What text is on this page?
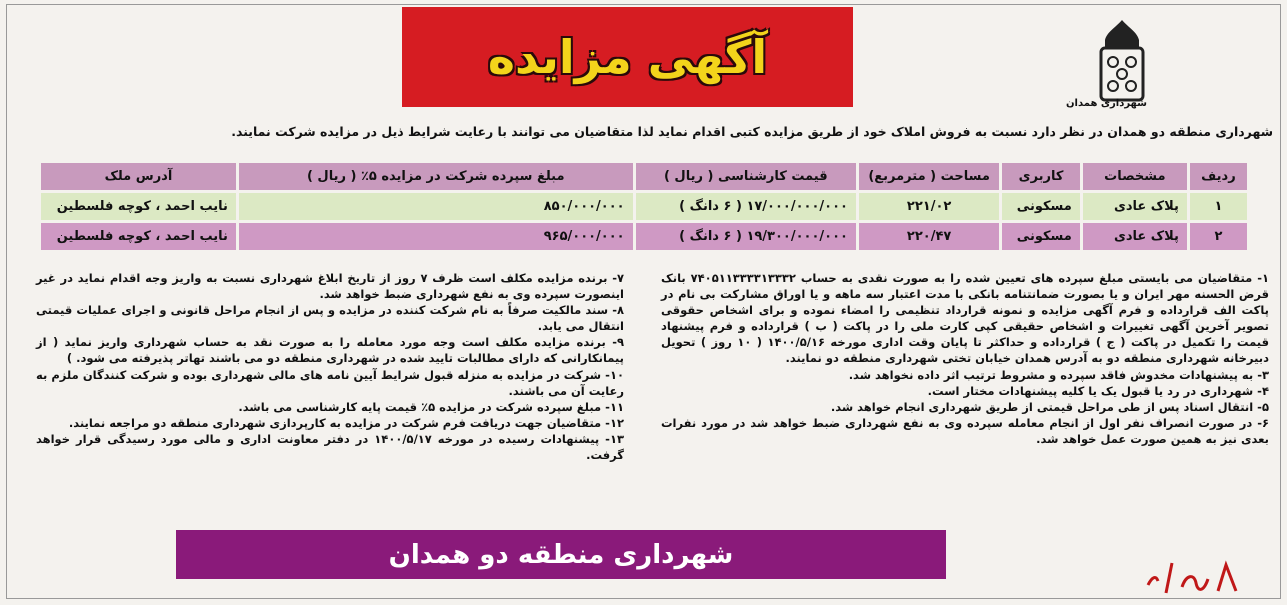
شهرداری همدان
آگهی مزایده
شهرداری منطقه دو همدان در نظر دارد نسبت به فروش املاک خود از طریق مزایده کتبی اقدام نماید لذا متقاضیان می توانند با رعایت شرایط ذیل در مزایده شرکت نمایند.
ردیف	مشخصات	کاربری	مساحت ( مترمربع)	قیمت کارشناسی ( ریال )	مبلغ سپرده شرکت در مزایده ۵٪ ( ریال )	آدرس ملک
۱	پلاک عادی	مسکونی	۲۲۱/۰۲	۱۷/۰۰۰/۰۰۰/۰۰۰ ( ۶ دانگ )	۸۵۰/۰۰۰/۰۰۰	نایب احمد ، کوچه فلسطین
۲	پلاک عادی	مسکونی	۲۲۰/۴۷	۱۹/۳۰۰/۰۰۰/۰۰۰ ( ۶ دانگ )	۹۶۵/۰۰۰/۰۰۰	نایب احمد ، کوچه فلسطین

۱- متقاضیان می بایستی مبلغ سپرده های تعیین شده را به صورت نقدی به حساب ۷۴۰۵۱۱۳۳۳۳۱۳۳۳۲ بانک قرض الحسنه مهر ایران و یا بصورت ضمانتنامه بانکی با مدت اعتبار سه ماهه و یا اوراق مشارکت بی نام در پاکت الف قرارداده و فرم آگهی مزایده و نمونه قرارداد تنظیمی را امضاء نموده و برای اشخاص حقوقی تصویر آخرین آگهی تغییرات و اشخاص حقیقی کپی کارت ملی را در پاکت ( ب ) قرارداده و فرم پیشنهاد قیمت را تکمیل در پاکت ( ج ) قرارداده و حداکثر تا پایان وقت اداری مورخه ۱۴۰۰/۵/۱۶ ( ۱۰ روز ) تحویل دبیرخانه شهرداری منطقه دو به آدرس همدان خیابان تختی شهرداری منطقه دو نمایند.

۳- به پیشنهادات مخدوش فاقد سپرده و مشروط ترتیب اثر داده نخواهد شد.

۴- شهرداری در رد یا قبول یک یا کلیه پیشنهادات مختار است.

۵- انتقال اسناد پس از طی مراحل قیمتی از طریق شهرداری انجام خواهد شد.

۶- در صورت انصراف نفر اول از انجام معامله سپرده وی به نفع شهرداری ضبط خواهد شد در مورد نفرات بعدی نیز به همین صورت عمل خواهد شد.

۷- برنده مزایده مکلف است ظرف ۷ روز از تاریخ ابلاغ شهرداری نسبت به واریز وجه اقدام نماید در غیر اینصورت سپرده وی به نفع شهرداری ضبط خواهد شد.

۸- سند مالکیت صرفاً به نام شرکت کننده در مزایده و پس از انجام مراحل قانونی و اجرای عملیات قیمتی انتقال می یابد.

۹- برنده مزایده مکلف است وجه مورد معامله را به صورت نقد به حساب شهرداری واریز نماید ( از پیمانکارانی که دارای مطالبات تایید شده در شهرداری منطقه دو می باشند تهاتر پذیرفته می شود. )

۱۰- شرکت در مزایده به منزله قبول شرایط آیین نامه های مالی شهرداری بوده و شرکت کنندگان ملزم به رعایت آن می باشند.

۱۱- مبلغ سپرده شرکت در مزایده ۵٪ قیمت پایه کارشناسی می باشد.

۱۲- متقاضیان جهت دریافت فرم شرکت در مزایده به کارپردازی شهرداری منطقه دو مراجعه نمایند.

۱۳- پیشنهادات رسیده در مورخه ۱۴۰۰/۵/۱۷ در دفتر معاونت اداری و مالی مورد رسیدگی قرار خواهد گرفت.

شهرداری منطقه دو همدان
